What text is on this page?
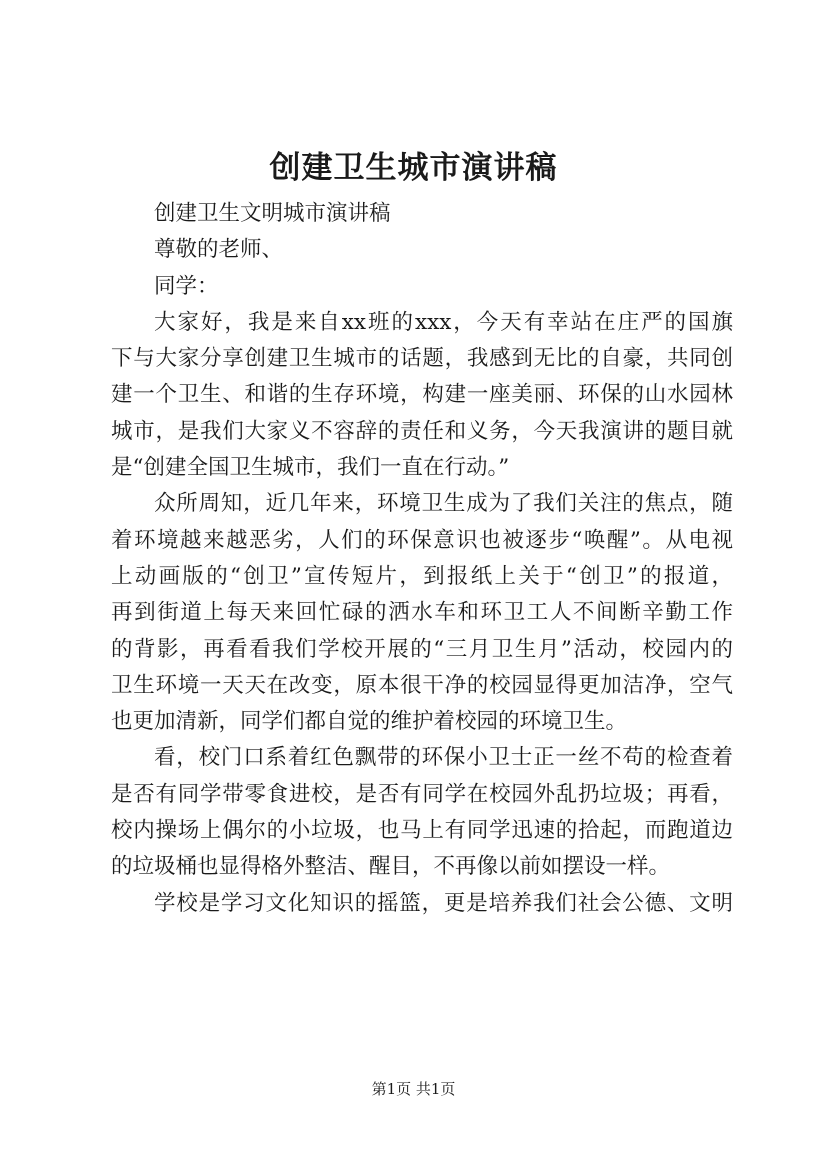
创建卫生城市演讲稿
创建卫生文明城市演讲稿
尊敬的老师、
同学：
大家好，我是来自xx班的xxx，今天有幸站在庄严的国旗
下与大家分享创建卫生城市的话题，我感到无比的自豪，共同创
建一个卫生、和谐的生存环境，构建一座美丽、环保的山水园林
城市，是我们大家义不容辞的责任和义务，今天我演讲的题目就
是“创建全国卫生城市，我们一直在行动。”
众所周知，近几年来，环境卫生成为了我们关注的焦点，随
着环境越来越恶劣，人们的环保意识也被逐步“唤醒”。从电视
上动画版的“创卫”宣传短片，到报纸上关于“创卫”的报道，
再到街道上每天来回忙碌的洒水车和环卫工人不间断辛勤工作
的背影，再看看我们学校开展的“三月卫生月”活动，校园内的
卫生环境一天天在改变，原本很干净的校园显得更加洁净，空气
也更加清新，同学们都自觉的维护着校园的环境卫生。
看，校门口系着红色飘带的环保小卫士正一丝不苟的检查着
是否有同学带零食进校，是否有同学在校园外乱扔垃圾；再看，
校内操场上偶尔的小垃圾，也马上有同学迅速的拾起，而跑道边
的垃圾桶也显得格外整洁、醒目，不再像以前如摆设一样。
学校是学习文化知识的摇篮，更是培养我们社会公德、文明
第1页 共1页
